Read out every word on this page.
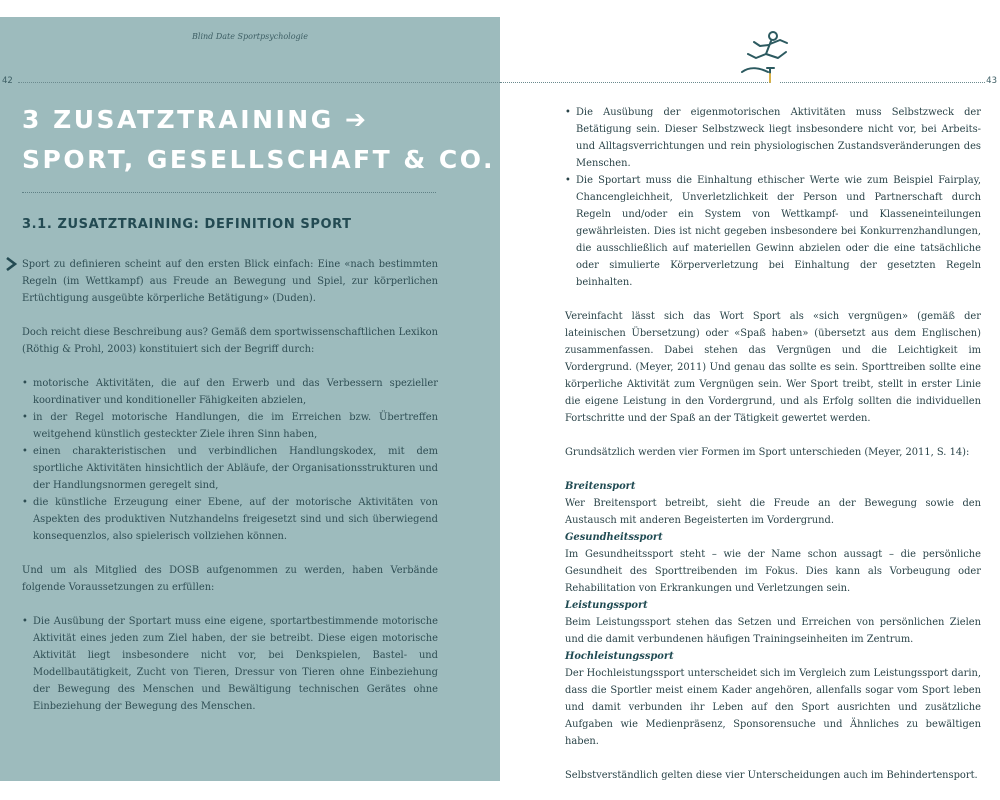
Blind Date Sportpsychologie
42	43
3 ZUSATZTRAINING ➔
SPORT, GESELLSCHAFT & CO.
3.1. ZUSATZTRAINING: DEFINITION SPORT

Sport zu definieren scheint auf den ersten Blick einfach: Eine «nach bestimmten Regeln (im Wettkampf) aus Freude an Bewegung und Spiel, zur körperlichen Ertüchtigung ausgeübte körperliche Betätigung» (Duden).

Doch reicht diese Beschreibung aus? Gemäß dem sportwissenschaftlichen Lexikon (Röthig & Prohl, 2003) konstituiert sich der Begriff durch:

• motorische Aktivitäten, die auf den Erwerb und das Verbessern spezieller koordinativer und konditioneller Fähigkeiten abzielen,
• in der Regel motorische Handlungen, die im Erreichen bzw. Übertreffen weitgehend künstlich gesteckter Ziele ihren Sinn haben,
• einen charakteristischen und verbindlichen Handlungskodex, mit dem sportliche Aktivitäten hinsichtlich der Abläufe, der Organisationsstrukturen und der Handlungsnormen geregelt sind,
• die künstliche Erzeugung einer Ebene, auf der motorische Aktivitäten von Aspekten des produktiven Nutzhandelns freigesetzt sind und sich überwiegend konsequenzlos, also spielerisch vollziehen können.

Und um als Mitglied des DOSB aufgenommen zu werden, haben Verbände folgende Voraussetzungen zu erfüllen:

• Die Ausübung der Sportart muss eine eigene, sportartbestimmende motorische Aktivität eines jeden zum Ziel haben, der sie betreibt. Diese eigen motorische Aktivität liegt insbesondere nicht vor, bei Denkspielen, Bastel- und Modellbautätigkeit, Zucht von Tieren, Dressur von Tieren ohne Einbeziehung der Bewegung des Menschen und Bewältigung technischen Gerätes ohne Einbeziehung der Bewegung des Menschen.
• Die Ausübung der eigenmotorischen Aktivitäten muss Selbstzweck der Betätigung sein. Dieser Selbstzweck liegt insbesondere nicht vor, bei Arbeits- und Alltagsverrichtungen und rein physiologischen Zustandsveränderungen des Menschen.
• Die Sportart muss die Einhaltung ethischer Werte wie zum Beispiel Fairplay, Chancengleichheit, Unverletzlichkeit der Person und Partnerschaft durch Regeln und/oder ein System von Wettkampf- und Klasseneinteilungen gewährleisten. Dies ist nicht gegeben insbesondere bei Konkurrenzhandlungen, die ausschließlich auf materiellen Gewinn abzielen oder die eine tatsächliche oder simulierte Körperverletzung bei Einhaltung der gesetzten Regeln beinhalten.

Vereinfacht lässt sich das Wort Sport als «sich vergnügen» (gemäß der lateinischen Übersetzung) oder «Spaß haben» (übersetzt aus dem Englischen) zusammenfassen. Dabei stehen das Vergnügen und die Leichtigkeit im Vordergrund. (Meyer, 2011) Und genau das sollte es sein. Sporttreiben sollte eine körperliche Aktivität zum Vergnügen sein. Wer Sport treibt, stellt in erster Linie die eigene Leistung in den Vordergrund, und als Erfolg sollten die individuellen Fortschritte und der Spaß an der Tätigkeit gewertet werden.

Grundsätzlich werden vier Formen im Sport unterschieden (Meyer, 2011, S. 14):

Breitensport

Wer Breitensport betreibt, sieht die Freude an der Bewegung sowie den Austausch mit anderen Begeisterten im Vordergrund.

Gesundheitssport

Im Gesundheitssport steht – wie der Name schon aussagt – die persönliche Gesundheit des Sporttreibenden im Fokus. Dies kann als Vorbeugung oder Rehabilitation von Erkrankungen und Verletzungen sein.

Leistungssport

Beim Leistungssport stehen das Setzen und Erreichen von persönlichen Zielen und die damit verbundenen häufigen Trainingseinheiten im Zentrum.

Hochleistungssport

Der Hochleistungssport unterscheidet sich im Vergleich zum Leistungssport darin, dass die Sportler meist einem Kader angehören, allenfalls sogar vom Sport leben und damit verbunden ihr Leben auf den Sport ausrichten und zusätzliche Aufgaben wie Medienpräsenz, Sponsorensuche und Ähnliches zu bewältigen haben.

Selbstverständlich gelten diese vier Unterscheidungen auch im Behindertensport.
